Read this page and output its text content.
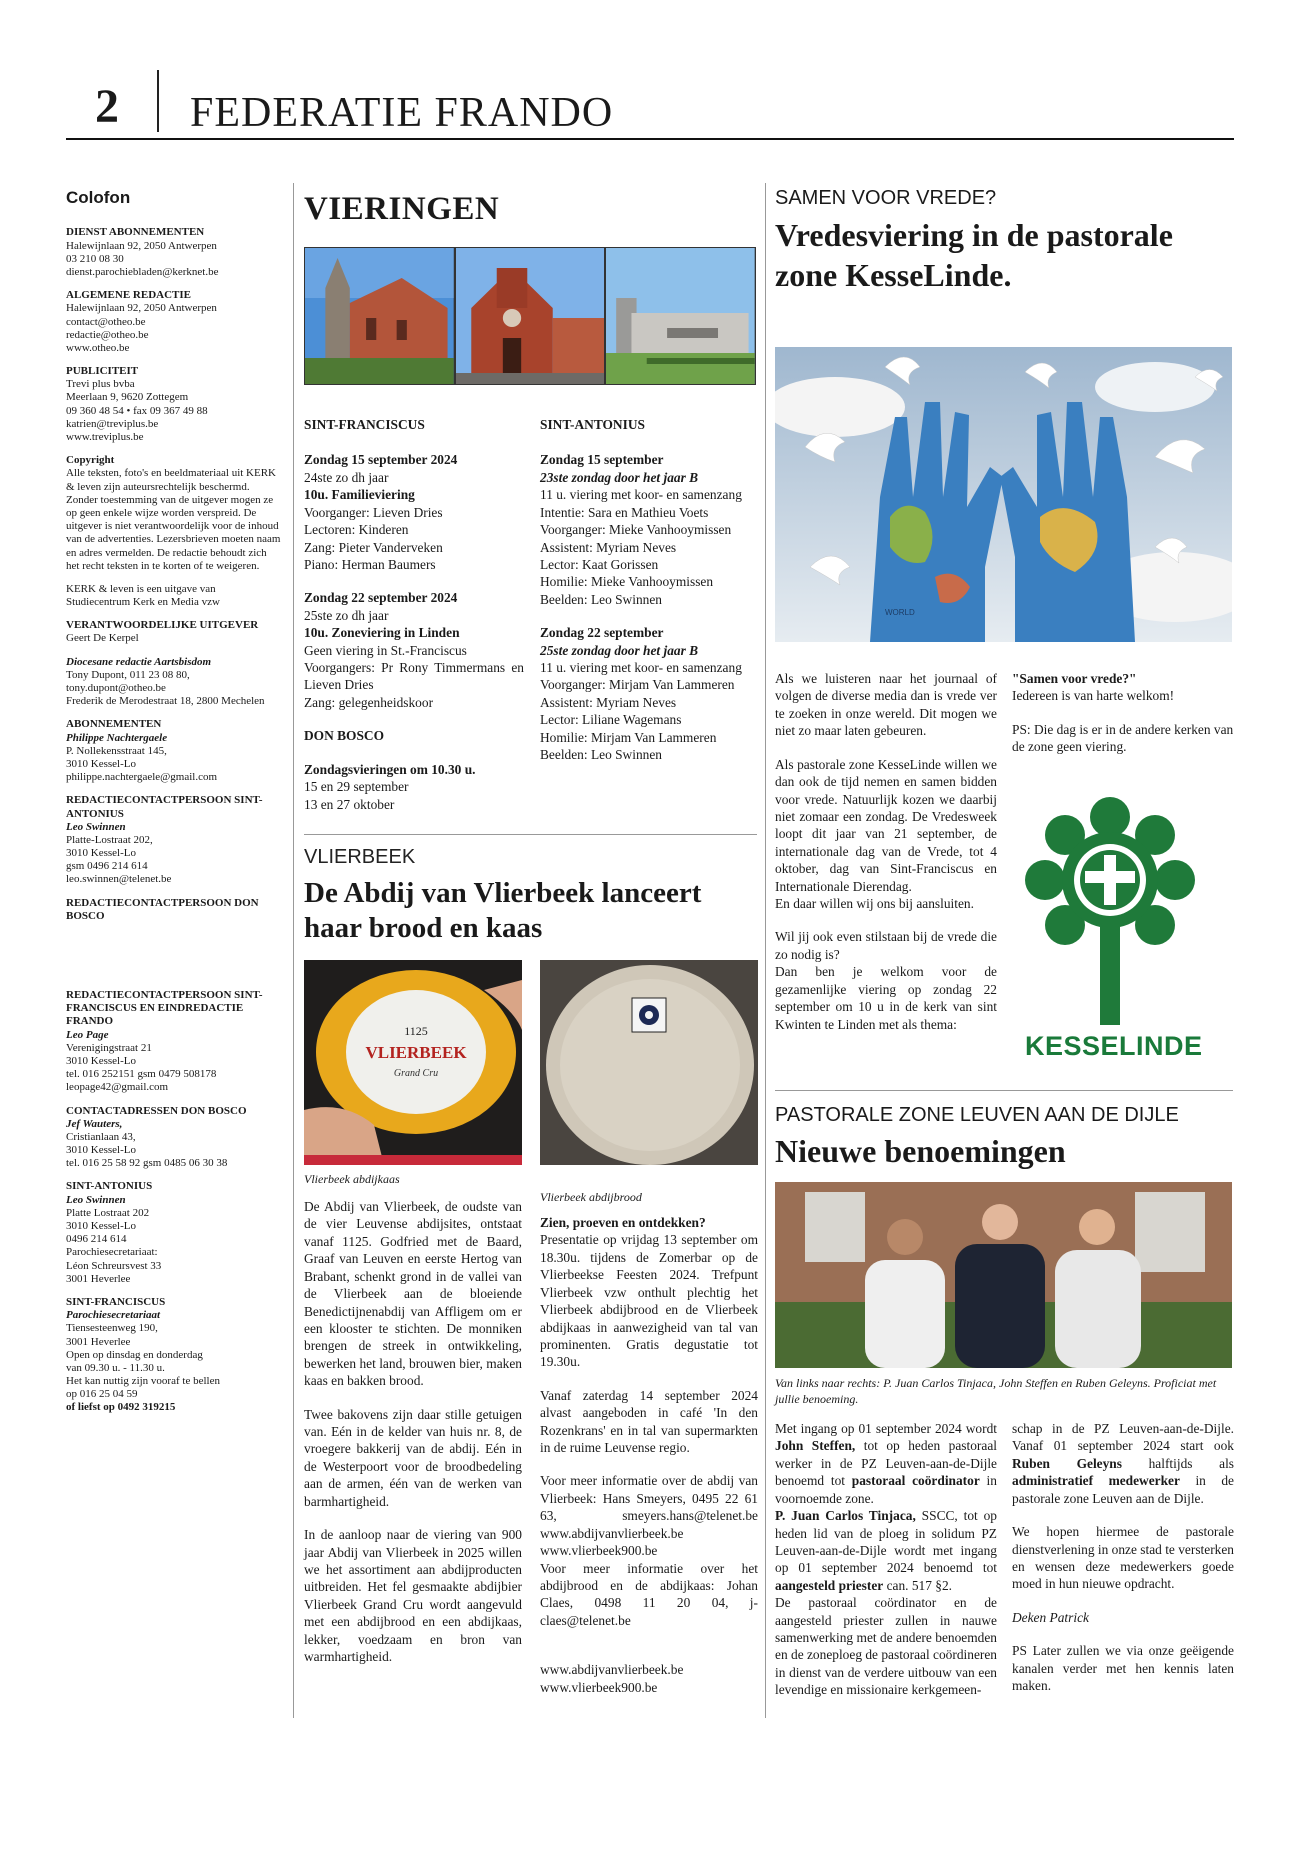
2 FEDERATIE FRANDO
Colofon
DIENST ABONNEMENTEN
Halewijnlaan 92, 2050 Antwerpen
03 210 08 30
dienst.parochiebladen@kerknet.be
ALGEMENE REDACTIE
Halewijnlaan 92, 2050 Antwerpen
contact@otheo.be
redactie@otheo.be
www.otheo.be
PUBLICITEIT
Trevi plus bvba
Meerlaan 9, 9620 Zottegem
09 360 48 54 • fax 09 367 49 88
katrien@treviplus.be
www.treviplus.be
Copyright
Alle teksten, foto's en beeldmateriaal uit KERK & leven zijn auteursrechtelijk beschermd. Zonder toestemming van de uitgever mogen ze op geen enkele wijze worden verspreid. De uitgever is niet verantwoordelijk voor de inhoud van de advertenties. Lezersbrieven moeten naam en adres vermelden. De redactie behoudt zich het recht teksten in te korten of te weigeren.
KERK & leven is een uitgave van Studiecentrum Kerk en Media vzw
VERANTWOORDELIJKE UITGEVER
Geert De Kerpel
Diocesane redactie Aartsbisdom
Tony Dupont, 011 23 08 80,
tony.dupont@otheo.be
Frederik de Merodestraat 18, 2800 Mechelen
ABONNEMENTEN
Philippe Nachtergaele
P. Nollekensstraat 145,
3010 Kessel-Lo
philippe.nachtergaele@gmail.com
REDACTIECONTACTPERSOON SINT-ANTONIUS
Leo Swinnen
Platte-Lostraat 202,
3010 Kessel-Lo
gsm 0496 214 614
leo.swinnen@telenet.be
REDACTIECONTACTPERSOON DON BOSCO
REDACTIECONTACTPERSOON SINT-FRANCISCUS EN EINDREDACTIE FRANDO
Leo Page
Verenigingstraat 21
3010 Kessel-Lo
tel. 016 252151 gsm 0479 508178
leopage42@gmail.com
CONTACTADRESSEN DON BOSCO
Jef Wauters,
Cristianlaan 43,
3010 Kessel-Lo
tel. 016 25 58 92 gsm 0485 06 30 38
SINT-ANTONIUS
Leo Swinnen
Platte Lostraat 202
3010 Kessel-Lo
0496 214 614
Parochiesecretariaat:
Léon Schreursvest 33
3001 Heverlee
SINT-FRANCISCUS
Parochiesecretariaat
Tiensesteenweg 190,
3001 Heverlee
Open op dinsdag en donderdag
van 09.30 u. - 11.30 u.
Het kan nuttig zijn vooraf te bellen
op 016 25 04 59
of liefst op 0492 319215
VIERINGEN
SINT-FRANCISCUS
Zondag 15 september 2024
24ste zo dh jaar
10u. Familieviering
Voorganger: Lieven Dries
Lectoren: Kinderen
Zang: Pieter Vanderveken
Piano: Herman Baumers
Zondag 22 september 2024
25ste zo dh jaar
10u. Zoneviering in Linden
Geen viering in St.-Franciscus
Voorgangers: Pr Rony Timmermans en Lieven Dries
Zang: gelegenheidskoor
DON BOSCO
Zondagsvieringen om 10.30 u.
15 en 29 september
13 en 27 oktober
SINT-ANTONIUS
Zondag 15 september
23ste zondag door het jaar B
11 u. viering met koor- en samenzang
Intentie: Sara en Mathieu Voets
Voorganger: Mieke Vanhooymissen
Assistent: Myriam Neves
Lector: Kaat Gorissen
Homilie: Mieke Vanhooymissen
Beelden: Leo Swinnen
Zondag 22 september
25ste zondag door het jaar B
11 u. viering met koor- en samenzang
Voorganger: Mirjam Van Lammeren
Assistent: Myriam Neves
Lector: Liliane Wagemans
Homilie: Mirjam Van Lammeren
Beelden: Leo Swinnen
VLIERBEEK
De Abdij van Vlierbeek lanceert haar brood en kaas
1125
VLIERBEEK
Grand Cru
Vlierbeek abdijkaas
Vlierbeek abdijbrood
De Abdij van Vlierbeek, de oudste van de vier Leuvense abdijsites, ontstaat vanaf 1125. Godfried met de Baard, Graaf van Leuven en eerste Hertog van Brabant, schenkt grond in de vallei van de Vlierbeek aan de bloeiende Benedictijnenabdij van Affligem om er een klooster te stichten. De monniken brengen de streek in ontwikkeling, bewerken het land, brouwen bier, maken kaas en bakken brood.
Twee bakovens zijn daar stille getuigen van. Eén in de kelder van huis nr. 8, de vroegere bakkerij van de abdij. Eén in de Westerpoort voor de broodbedeling aan de armen, één van de werken van barmhartigheid.
In de aanloop naar de viering van 900 jaar Abdij van Vlierbeek in 2025 willen we het assortiment aan abdijproducten uitbreiden. Het fel gesmaakte abdijbier Vlierbeek Grand Cru wordt aangevuld met een abdijbrood en een abdijkaas, lekker, voedzaam en bron van warmhartigheid.
Zien, proeven en ontdekken?
Presentatie op vrijdag 13 september om 18.30u. tijdens de Zomerbar op de Vlierbeekse Feesten 2024. Trefpunt Vlierbeek vzw onthult plechtig het Vlierbeek abdijbrood en de Vlierbeek abdijkaas in aanwezigheid van tal van prominenten. Gratis degustatie tot 19.30u.
Vanaf zaterdag 14 september 2024 alvast aangeboden in café 'In den Rozenkrans' en in tal van supermarkten in de ruime Leuvense regio.
Voor meer informatie over de abdij van Vlierbeek: Hans Smeyers, 0495 22 61 63, smeyers.hans@telenet.be www.abdijvanvlierbeek.be www.vlierbeek900.be
Voor meer informatie over het abdijbrood en de abdijkaas: Johan Claes, 0498 11 20 04, j-claes@telenet.be
www.abdijvanvlierbeek.be
www.vlierbeek900.be
SAMEN VOOR VREDE?
Vredesviering in de pastorale zone KesseLinde.
WORLD
Als we luisteren naar het journaal of volgen de diverse media dan is vrede ver te zoeken in onze wereld. Dit mogen we niet zo maar laten gebeuren.
Als pastorale zone KesseLinde willen we dan ook de tijd nemen en samen bidden voor vrede. Natuurlijk kozen we daarbij niet zomaar een zondag. De Vredesweek loopt dit jaar van 21 september, de internationale dag van de Vrede, tot 4 oktober, dag van Sint-Franciscus en Internationale Dierendag.
En daar willen wij ons bij aansluiten.
Wil jij ook even stilstaan bij de vrede die zo nodig is?
Dan ben je welkom voor de gezamenlijke viering op zondag 22 september om 10 u in de kerk van sint Kwinten te Linden met als thema:
"Samen voor vrede?"
Iedereen is van harte welkom!
PS: Die dag is er in de andere kerken van de zone geen viering.
KESSELINDE
PASTORALE ZONE LEUVEN AAN DE DIJLE
Nieuwe benoemingen
Van links naar rechts: P. Juan Carlos Tinjaca, John Steffen en Ruben Geleyns. Proficiat met jullie benoeming.
Met ingang op 01 september 2024 wordt John Steffen, tot op heden pastoraal werker in de PZ Leuven-aan-de-Dijle benoemd tot pastoraal coördinator in voornoemde zone.
P. Juan Carlos Tinjaca, SSCC, tot op heden lid van de ploeg in solidum PZ Leuven-aan-de-Dijle wordt met ingang op 01 september 2024 benoemd tot aangesteld priester can. 517 §2.
De pastoraal coördinator en de aangesteld priester zullen in nauwe samenwerking met de andere benoemden en de zoneploeg de pastoraal coördineren in dienst van de verdere uitbouw van een levendige en missionaire kerkgemeen-
schap in de PZ Leuven-aan-de-Dijle. Vanaf 01 september 2024 start ook Ruben Geleyns halftijds als administratief medewerker in de pastorale zone Leuven aan de Dijle.
We hopen hiermee de pastorale dienstverlening in onze stad te versterken en wensen deze medewerkers goede moed in hun nieuwe opdracht.
Deken Patrick
PS Later zullen we via onze geëigende kanalen verder met hen kennis laten maken.
